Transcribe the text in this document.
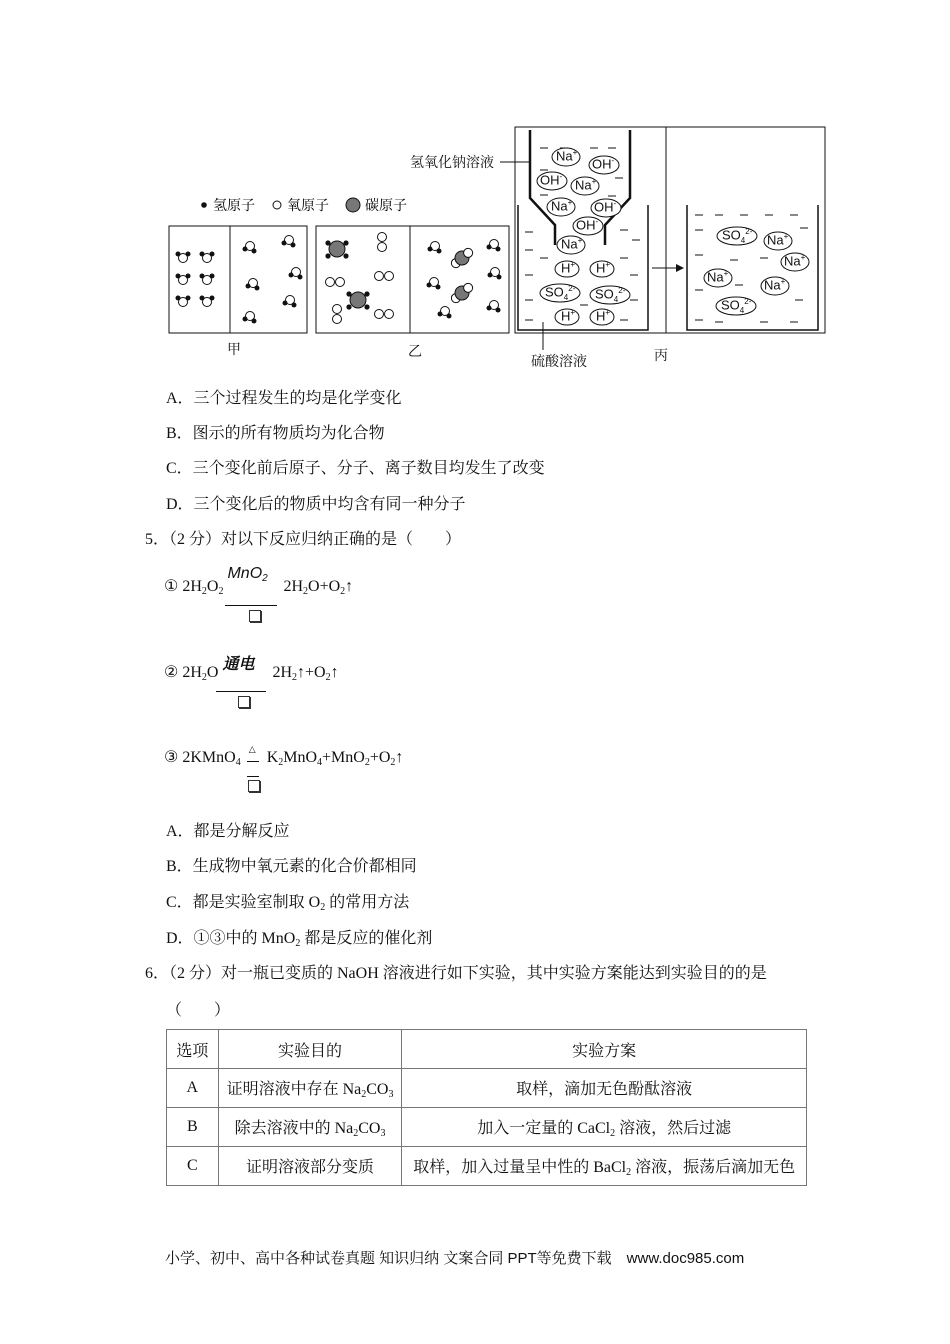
氢原子 氧原子	碳原子
Na+
OH-
OH-
Na+
Na+ OH-
OH-
Na+
H+ H+
$SO_4^{2-}$ $SO_4^{2-}$
H+ H+
$SO_4^{2-}$
Na+
Na+
Na+
Na+
$SO_4^{2-}$
氢氧化钠溶液
硫酸溶液
甲	乙	丙
A．三个过程发生的均是化学变化
B．图示的所有物质均为化合物
C．三个变化前后原子、分子、离子数目均发生了改变
D．三个变化后的物质中均含有同一种分子
5．（2 分）对以下反应归纳正确的是（　　）
① $2H_2O_2$
MnO$_2$ $2H_2O+O_2↑$
② $2H_2O$ 通电 $2H_2↑+O_2↑$
③ 2KMnO$_4$
△ $K_2MnO_4+MnO_2+O_2↑$
A．都是分解反应
B．生成物中氧元素的化合价都相同
C．都是实验室制取 $O_2$ 的常用方法
D．①③中的 MnO$_2$ 都是反应的催化剂
6．（2 分）对一瓶已变质的 NaOH 溶液进行如下实验，其中实验方案能达到实验目的的是
（　　）
选项	实验目的	实验方案
A	证明溶液中存在 $Na_2CO_3$	取样，滴加无色酚酞溶液
B	除去溶液中的 $Na_2CO_3$	加入一定量的 CaCl$_2$ 溶液，然后过滤
C	证明溶液部分变质	取样，加入过量呈中性的 BaCl$_2$ 溶液，振荡后滴加无色
小学、初中、高中各种试卷真题 知识归纳 文案合同 PPT等免费下载　www.doc985.com
